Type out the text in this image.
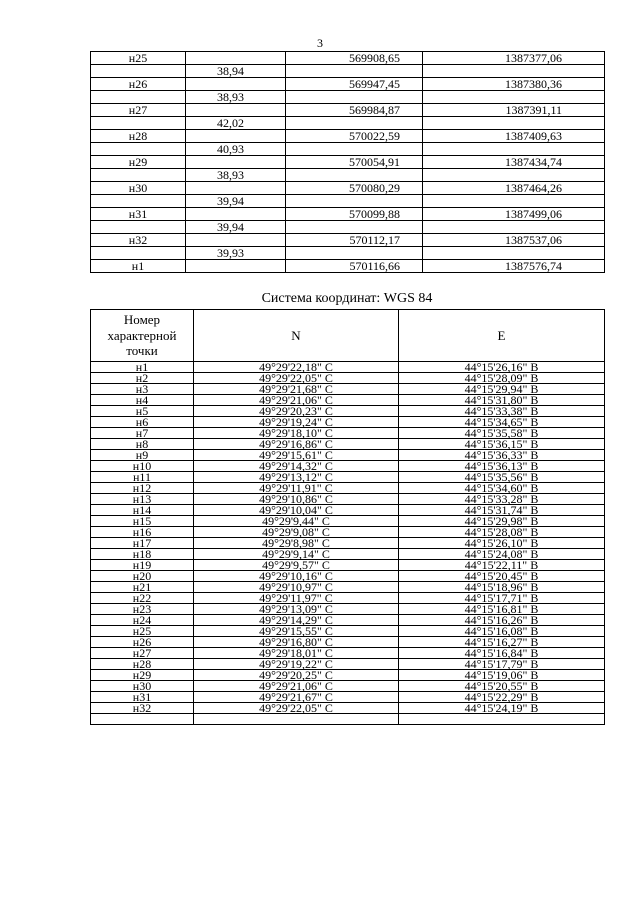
3
н25		569908,65	1387377,06
	38,94		
н26		569947,45	1387380,36
	38,93		
н27		569984,87	1387391,11
	42,02		
н28		570022,59	1387409,63
	40,93		
н29		570054,91	1387434,74
	38,93		
н30		570080,29	1387464,26
	39,94		
н31		570099,88	1387499,06
	39,94		
н32		570112,17	1387537,06
	39,93		
н1		570116,66	1387576,74
Система координат: WGS 84
Номер характерной точки	N	E
н1	49°29'22,18" С	44°15'26,16" В
н2	49°29'22,05" С	44°15'28,09" В
н3	49°29'21,68" С	44°15'29,94" В
н4	49°29'21,06" С	44°15'31,80" В
н5	49°29'20,23" С	44°15'33,38" В
н6	49°29'19,24" С	44°15'34,65" В
н7	49°29'18,10" С	44°15'35,58" В
н8	49°29'16,86" С	44°15'36,15" В
н9	49°29'15,61" С	44°15'36,33" В
н10	49°29'14,32" С	44°15'36,13" В
н11	49°29'13,12" С	44°15'35,56" В
н12	49°29'11,91" С	44°15'34,60" В
н13	49°29'10,86" С	44°15'33,28" В
н14	49°29'10,04" С	44°15'31,74" В
н15	49°29'9,44" С	44°15'29,98" В
н16	49°29'9,08" С	44°15'28,08" В
н17	49°29'8,98" С	44°15'26,10" В
н18	49°29'9,14" С	44°15'24,08" В
н19	49°29'9,57" С	44°15'22,11" В
н20	49°29'10,16" С	44°15'20,45" В
н21	49°29'10,97" С	44°15'18,96" В
н22	49°29'11,97" С	44°15'17,71" В
н23	49°29'13,09" С	44°15'16,81" В
н24	49°29'14,29" С	44°15'16,26" В
н25	49°29'15,55" С	44°15'16,08" В
н26	49°29'16,80" С	44°15'16,27" В
н27	49°29'18,01" С	44°15'16,84" В
н28	49°29'19,22" С	44°15'17,79" В
н29	49°29'20,25" С	44°15'19,06" В
н30	49°29'21,06" С	44°15'20,55" В
н31	49°29'21,67" С	44°15'22,29" В
н32	49°29'22,05" С	44°15'24,19" В
